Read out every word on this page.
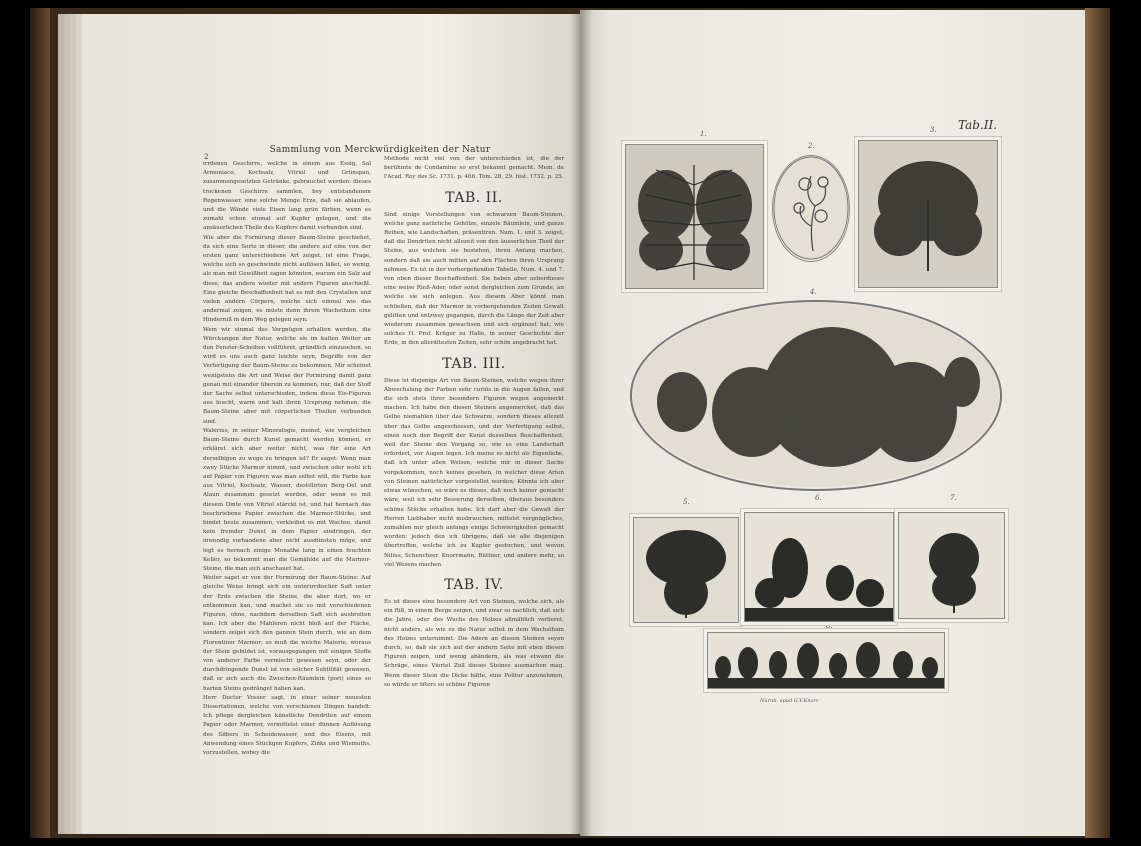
2
Sammlung von Merckwürdigkeiten der Natur

irrdenen Geschirre, welche in einem aus Essig, Sal Armoniaco, Kochsalz, Vitriol und Grünspan, zusammengesetzten Getränke, gebrauchet werden: dieses trockenen Geschirre sammlen, bey entstandenem Regenwasser, eine solche Menge Erze, daß sie ablaufen, und die Wände viele Eisen lang grün färben, wenn es zumahl schon einmal auf Kupfer gelegen, und die ansäuerlichen Theile des Kupfers damit verbunden sind.

Wie aber die Formirung dieser Baum-Steine geschiehet, da sich eine Sorte in dieser, die andere auf eine von der ersten ganz unterschiedene Art zeiget, ist eine Frage, welche sich so geschwinde nicht auflösen läßet, so wenig, als man mit Gewißheit sagen könnten, warum ein Salz auf diese, das andere wieder mit andern Figuren anschießt. Eine gleiche Beschaffenheit hat es mit den Crystallen und vielen andern Cörpern, welche sich einmal wie das andermal zeigen, es müste denn ihrem Wachsthum eine Hinderniß in dem Weg gelegen seyn.

Wem wir einmal des Vergnügen erhalten werden, die Würckungen der Natur, welche sie im kalten Wetter an den Fenster-Scheiben vollführet, gründlich einzusehen, so wird es uns auch ganz leichte seyn, Begriffe von der Verfertigung der Baum-Steine zu bekommen. Mir scheinet wenigstens die Art und Weise der Formirung damit ganz genau mit einander überein zu kommen, nur, daß der Stoff der Sache selbst unterschieden, indem diese Eis-Figuren aus feucht, warm und kalt ihren Ursprung nehmen, die Baum-Steine aber mit cörperlichen Theilen verbunden sind.

Walerius, in seiner Mineralogie, meinet, wie vergleichen Baum-Steine durch Kunst gemacht werden können, er erkläret sich aber weiter nicht, was für eine Art derselbigen zu wege zu bringen ist? Er saget: Wenn man zwey Stücke Marmor nimmt, und zwischen oder wohl ich auf Papier von Figuren was man selbst will, die Farbe kan aus Vitriol, Kochsalz, Wasser, destillirten Berg-Oel und Alaun zusammen gesetzt werden, oder wenn es mit diesem Dinte von Vitriol stärckt ist, und hat hernach das beschriebene Papier zwischen die Marmor-Stücke, und bindet beste zusammen, verkleibet es mit Wachse, damit kein fremder Dunst in dem Papier eindringen, der inwendig vorhandene aber nicht ausdünsten möge, und legt es hernach einige Monathe lang in einen feuchten Keller, so bekommt man die Gemählde auf die Marmor-Steine, die man sich anschauet hat.

Weiter saget er von der Formirung der Baum-Steine: Auf gleiche Weise bringt sich ein unterirrdischer Saft unter der Erde zwischen die Steine, die aber dort, wo er entkommen kan, und machet sie so mit verschiedenen Figuren, ohne, nachdem derselben Saft sich ausbreiten kan. Ich aber die Mahleren nicht bloß auf der Fläche, sondern zeiget sich den ganzen Stein durch, wie an dem Florentiner Marmor; so muß die weiche Materie, woraus der Stein gebildet ist, vorausgegangen mit einigen Stoffe von anderer Farbe vermischt gewesen seyn, oder der durchdringende Dunst ist von solcher Subtilität gewesen, daß er sich auch die Zwischen-Räumlein (pori) eines so harten Steins gedränget haben kan.

Herr Doctor Vosser sagt, in einer seiner neuesten Dissertationen, welche von verschienen Dingen handelt: Ich pflege dergleichen künstliche Dendriten auf einem Papier oder Marmor, vermittelst einer dünnen Auflösung des Silbers in Scheidewasser, und des Eisens, mit Anwendung eines Stückgen Kupfers, Zinks und Wismuths, vorzustellen, wobey die

Methode nicht viel von der unterschieden ist, die der berühmte de Condamine so erst bekannt gemacht. Mem. de l'Acad. Roy des Sc. 1731. p. 466. Tom. 28, 29. hist. 1732. p. 25.

TAB. II.

Sind einige Vorstellungen von schwarzen Baum-Steinen, welche ganz natürliche Gehölze, einzele Bäumlein, und ganze Reihen, wie Landschaften, präsentiren. Num. 1. und 3. zeiget, daß die Dendriten nicht allezeit von den äusserlichen Theil der Steine, aus welchen sie bestehen, ihren Anfang machen, sondern daß sie auch mitten auf den Flächen ihren Ursprung nehmen. Es ist in der vorhergehenden Tabelle, Num. 4. und 7. von eben dieser Beschaffenheit. Sie haben aber ueberdieses eine weise Rieß-Ader, oder sonst dergleichen zum Grunde, an welche sie sich anlegen. Aus diesem Aber könnt man schließen, daß der Marmor in vorhergehenden Zeiten Gewalt gelitten und entzwey gegangen, durch die Länge der Zeit aber wiederum zusammen gewachsen und sich ergänzet hat; wie solches H. Prof. Krüger zu Halle, in seiner Geschichte der Erde, in den allerältesten Zeiten, sehr schön angebracht hat.

TAB. III.

Diese ist diejenige Art von Baum-Steinen, welche wegen ihrer Abwechslung der Farben sehr curiös in die Augen fallen, und die sich stets ihrer besondern Figuren wegen angemerkt machen. Ich habe den diesen Steinen angemercket, daß das Gelbe niemahlen über das Schwarze, sondern dieses allezeit über das Gelbe angeschossen, und der Verfertigung selbst, einen noch den Begriff der Kunst desselben Beschaffenheit, weil der Steine den Vorgang so, wie es eine Landschaft erfordert, vor Augen legen. Ich meine es nicht als Eigenliebe, daß ich unter allen Weisen, welche mir in dieser Sache vorgekommen, noch keines gesehen, in welcher diese Arten von Steinen natürlicher vorgestellet worden: Könnte ich aber etwas wünschen, so wäre es dieses, daß noch keiner gemacht wäre, weil ich sehr Besserung derselben, überaus besonders schöne Stücke erhalten habe. Ich darf aber die Gewalt der Herren Liebhaber nicht misbrauchen, mittelst vergnügliches, zumahlen mir gleich anfangs einige Schwierigkeiten gemacht worden: jedoch den ich übrigens, daß sie alle diejenigen übertreffen, welche ich zu Kupfer gestochen, und wovon Nilius, Schenchzer, Knorrmann, Büttner, und andere mehr, so viel Wesens machen.

TAB. IV.

Es ist dieses eine besondere Art von Steinen, welche sich, als ein Riß, in einem Berge zeigen, und zwar so nachlich, daß sich die Jahre, oder des Wuchs des Holzes allmählich verlieret, nicht anders, als wie es die Natur selbst in dem Wachsthum des Holzes unternimmt. Die Adern an diesen Steinen seyen durch, so, daß sie sich auf der andern Seite mit eben diesen Figuren zeigen, und wenig abändern, als was etwann die Schräge, eines Viertel Zoll dieses Steines ausmachen mag. Wenn dieser Stein die Dicke hätte, eine Politur anzunehmen, so würde er öfters so schöne Figuren

Tab.II.
1.
2.
3.
4.
5.	6.	7.
8.
Nürnb. apud G.V.Knorr.
